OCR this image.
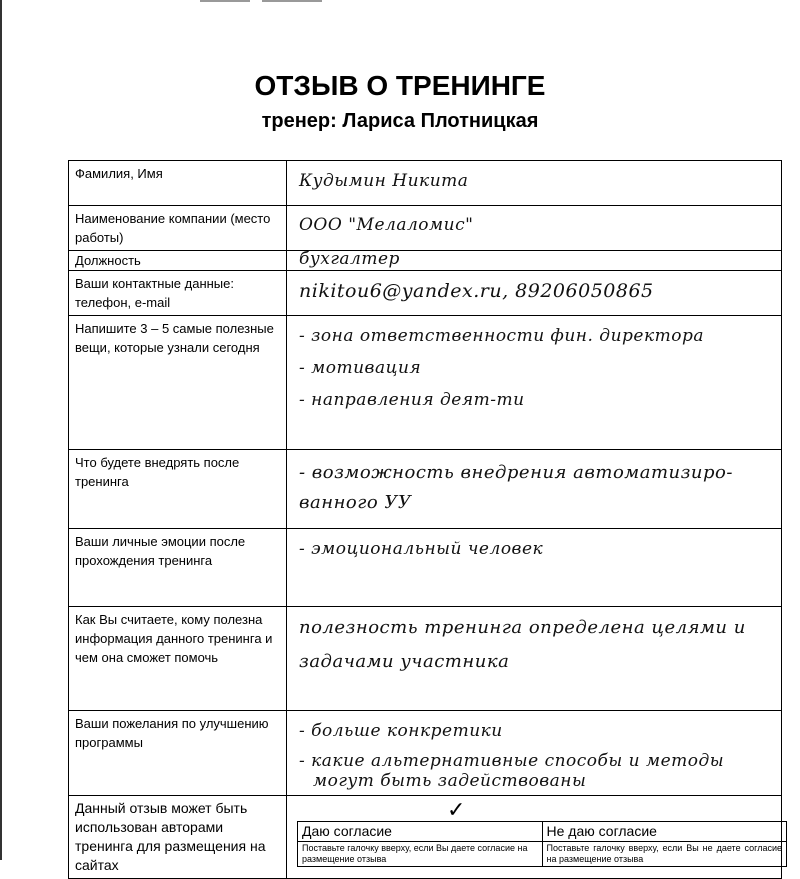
ОТЗЫВ О ТРЕНИНГЕ
тренер: Лариса Плотницкая
Фамилия, Имя	Кудымин Никита

Наименование компании (место работы)	
ООО "Мелаломис"

Должность	бухгалтер

Ваши контактные данные: телефон, e-mail	
nikitou6@yandex.ru, 89206050865

Напишите 3 – 5 самые полезные вещи, которые узнали сегодня	
- зона ответственности фин. директора
- мотивация
- направления деят-ти

Что будете внедрять после тренинга	- возможность внедрения автоматизиро-
ванного УУ

Ваши личные эмоции после прохождения тренинга	
- эмоциональный человек

Как Вы считаете, кому полезна информация данного тренинга и чем она сможет помочь	
полезность тренинга определена целями и
задачами участника

Ваши пожелания по улучшению программы	
- больше конкретики
- какие альтернативные способы и методы
могут быть задействованы

Данный отзыв может быть использован авторами тренинга для размещения на сайтах	
✓
Даю согласие	Не даю согласие
Поставьте галочку вверху, если Вы даете согласие на размещение отзыва	Поставьте галочку вверху, если Вы не даете согласие на размещение отзыва
